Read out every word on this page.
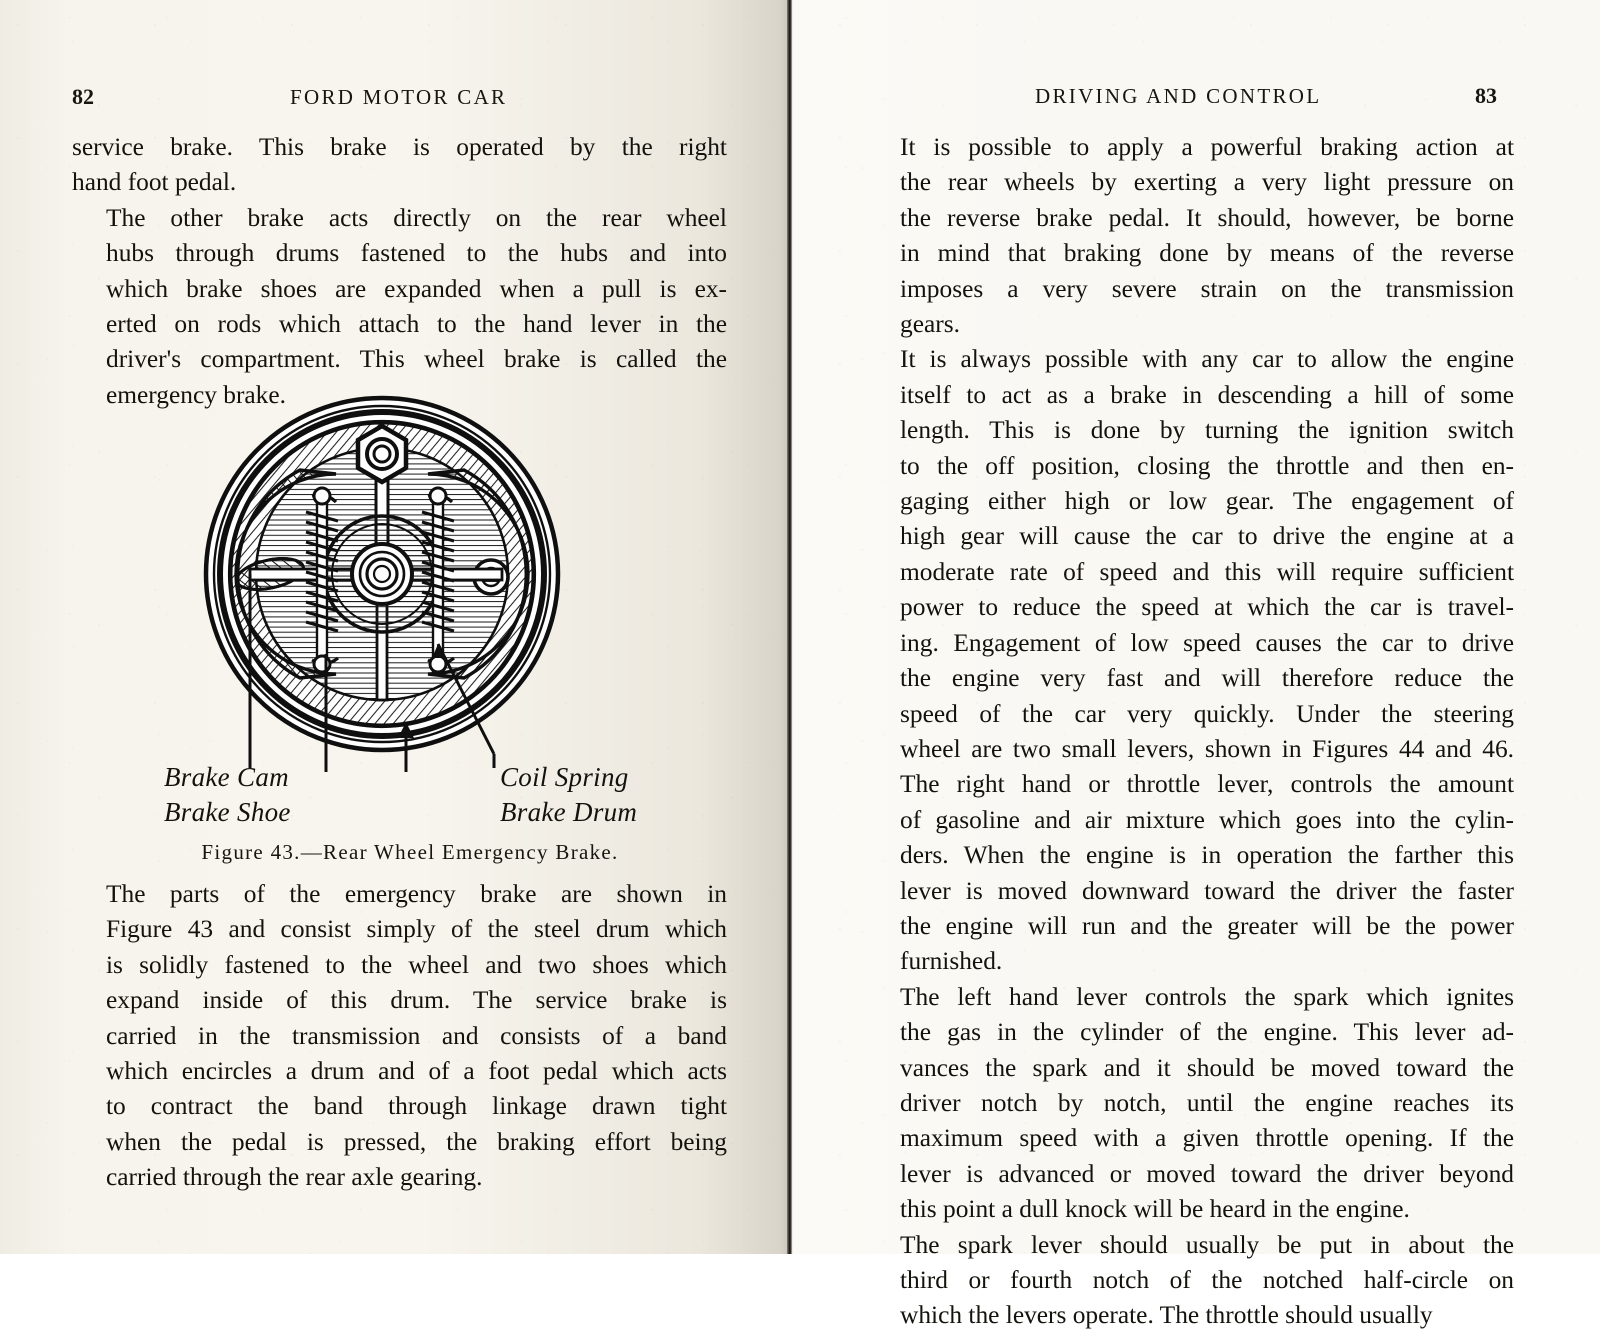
82	FORD MOTOR CAR	DRIVING AND CONTROL	83

service brake. This brake is operated by the right
hand foot pedal.

The other brake acts directly on the rear wheel
hubs through drums fastened to the hubs and into
which brake shoes are expanded when a pull is ex-
erted on rods which attach to the hand lever in the
driver's compartment. This wheel brake is called the
emergency brake.

Brake Cam
Brake Shoe
Coil Spring
Brake Drum
Figure 43.—Rear Wheel Emergency Brake.

The parts of the emergency brake are shown in
Figure 43 and consist simply of the steel drum which
is solidly fastened to the wheel and two shoes which
expand inside of this drum. The service brake is
carried in the transmission and consists of a band
which encircles a drum and of a foot pedal which acts
to contract the band through linkage drawn tight
when the pedal is pressed, the braking effort being
carried through the rear axle gearing.

It is possible to apply a powerful braking action at
the rear wheels by exerting a very light pressure on
the reverse brake pedal. It should, however, be borne
in mind that braking done by means of the reverse
imposes a very severe strain on the transmission
gears.

It is always possible with any car to allow the engine
itself to act as a brake in descending a hill of some
length. This is done by turning the ignition switch
to the off position, closing the throttle and then en-
gaging either high or low gear. The engagement of
high gear will cause the car to drive the engine at a
moderate rate of speed and this will require sufficient
power to reduce the speed at which the car is travel-
ing. Engagement of low speed causes the car to drive
the engine very fast and will therefore reduce the
speed of the car very quickly. Under the steering
wheel are two small levers, shown in Figures 44 and 46.
The right hand or throttle lever, controls the amount
of gasoline and air mixture which goes into the cylin-
ders. When the engine is in operation the farther this
lever is moved downward toward the driver the faster
the engine will run and the greater will be the power
furnished.

The left hand lever controls the spark which ignites
the gas in the cylinder of the engine. This lever ad-
vances the spark and it should be moved toward the
driver notch by notch, until the engine reaches its
maximum speed with a given throttle opening. If the
lever is advanced or moved toward the driver beyond
this point a dull knock will be heard in the engine.

The spark lever should usually be put in about the
third or fourth notch of the notched half-circle on
which the levers operate. The throttle should usually
